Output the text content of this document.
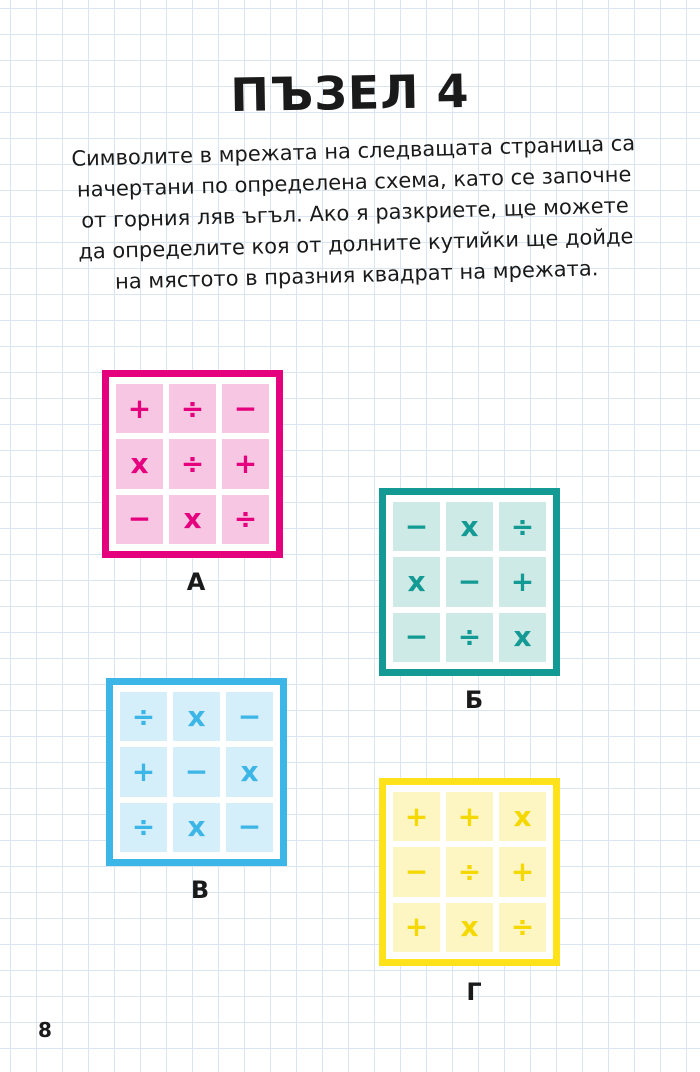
ПЪЗЕЛ 4
Символите в мрежата на следващата страница са
начертани по определена схема, като се започне
от горния ляв ъгъл. Ако я разкриете, ще можете
да определите коя от долните кутийки ще дойде
на мястото в празния квадрат на мрежата.
+	÷	−
x	÷	+
−	x	÷
А
−	x	÷
x	−	+
−	÷	x
Б
÷	x	−
+	−	x
÷	x	−
В
+	+	x
−	÷	+
+	x	÷
Г
8
